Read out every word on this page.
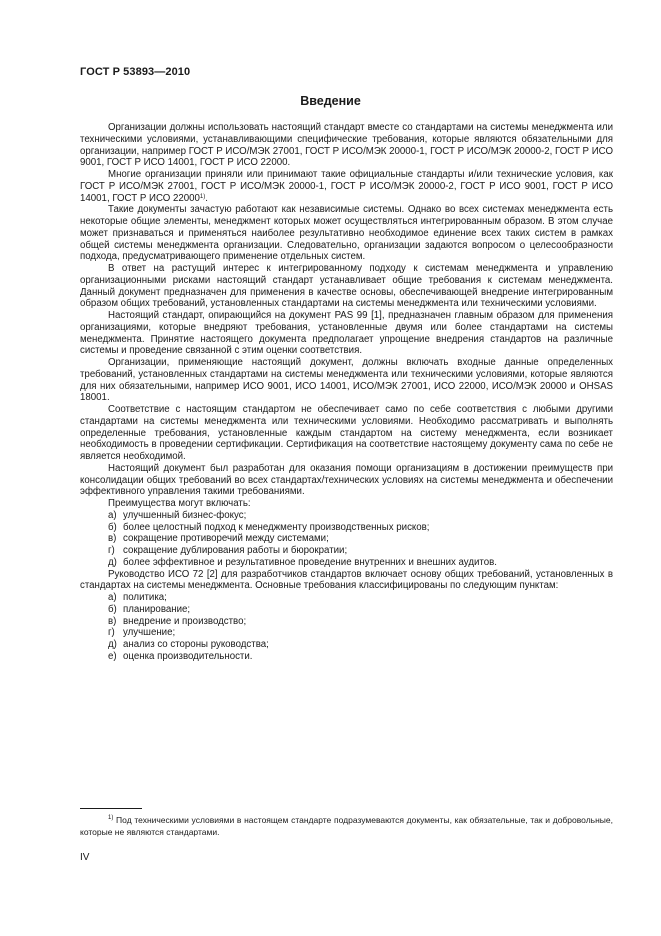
ГОСТ Р 53893—2010
Введение

Организации должны использовать настоящий стандарт вместе со стандартами на системы менеджмента или техническими условиями, устанавливающими специфические требования, которые являются обязательными для организации, например ГОСТ Р ИСО/МЭК 27001, ГОСТ Р ИСО/МЭК 20000-1, ГОСТ Р ИСО/МЭК 20000-2, ГОСТ Р ИСО 9001, ГОСТ Р ИСО 14001, ГОСТ Р ИСО 22000.

Многие организации приняли или принимают такие официальные стандарты и/или технические условия, как ГОСТ Р ИСО/МЭК 27001, ГОСТ Р ИСО/МЭК 20000-1, ГОСТ Р ИСО/МЭК 20000-2, ГОСТ Р ИСО 9001, ГОСТ Р ИСО 14001, ГОСТ Р ИСО 22000$^{1)}$.

Такие документы зачастую работают как независимые системы. Однако во всех системах менеджмента есть некоторые общие элементы, менеджмент которых может осуществляться интегрированным образом. В этом случае может признаваться и применяться наиболее результативно необходимое единение всех таких систем в рамках общей системы менеджмента организации. Следовательно, организации задаются вопросом о целесообразности подхода, предусматривающего применение отдельных систем.

В ответ на растущий интерес к интегрированному подходу к системам менеджмента и управлению организационными рисками настоящий стандарт устанавливает общие требования к системам менеджмента. Данный документ предназначен для применения в качестве основы, обеспечивающей внедрение интегрированным образом общих требований, установленных стандартами на системы менеджмента или техническими условиями.

Настоящий стандарт, опирающийся на документ PAS 99 [1], предназначен главным образом для применения организациями, которые внедряют требования, установленные двумя или более стандартами на системы менеджмента. Принятие настоящего документа предполагает упрощение внедрения стандартов на различные системы и проведение связанной с этим оценки соответствия.

Организации, применяющие настоящий документ, должны включать входные данные определенных требований, установленных стандартами на системы менеджмента или техническими условиями, которые являются для них обязательными, например ИСО 9001, ИСО 14001, ИСО/МЭК 27001, ИСО 22000, ИСО/МЭК 20000 и OHSAS 18001.

Соответствие с настоящим стандартом не обеспечивает само по себе соответствия с любыми другими стандартами на системы менеджмента или техническими условиями. Необходимо рассматривать и выполнять определенные требования, установленные каждым стандартом на систему менеджмента, если возникает необходимость в проведении сертификации. Сертификация на соответствие настоящему документу сама по себе не является необходимой.

Настоящий документ был разработан для оказания помощи организациям в достижении преимуществ при консолидации общих требований во всех стандартах/технических условиях на системы менеджмента и обеспечении эффективного управления такими требованиями.

Преимущества могут включать:

а) улучшенный бизнес-фокус;
б) более целостный подход к менеджменту производственных рисков;
в) сокращение противоречий между системами;
г) сокращение дублирования работы и бюрократии;
д) более эффективное и результативное проведение внутренних и внешних аудитов.

Руководство ИСО 72 [2] для разработчиков стандартов включает основу общих требований, установленных в стандартах на системы менеджмента. Основные требования классифицированы по следующим пунктам:

а) политика;
б) планирование;
в) внедрение и производство;
г) улучшение;
д) анализ со стороны руководства;
е) оценка производительности.
$^{1)}$ Под техническими условиями в настоящем стандарте подразумеваются документы, как обязательные, так и добровольные, которые не являются стандартами.
IV
